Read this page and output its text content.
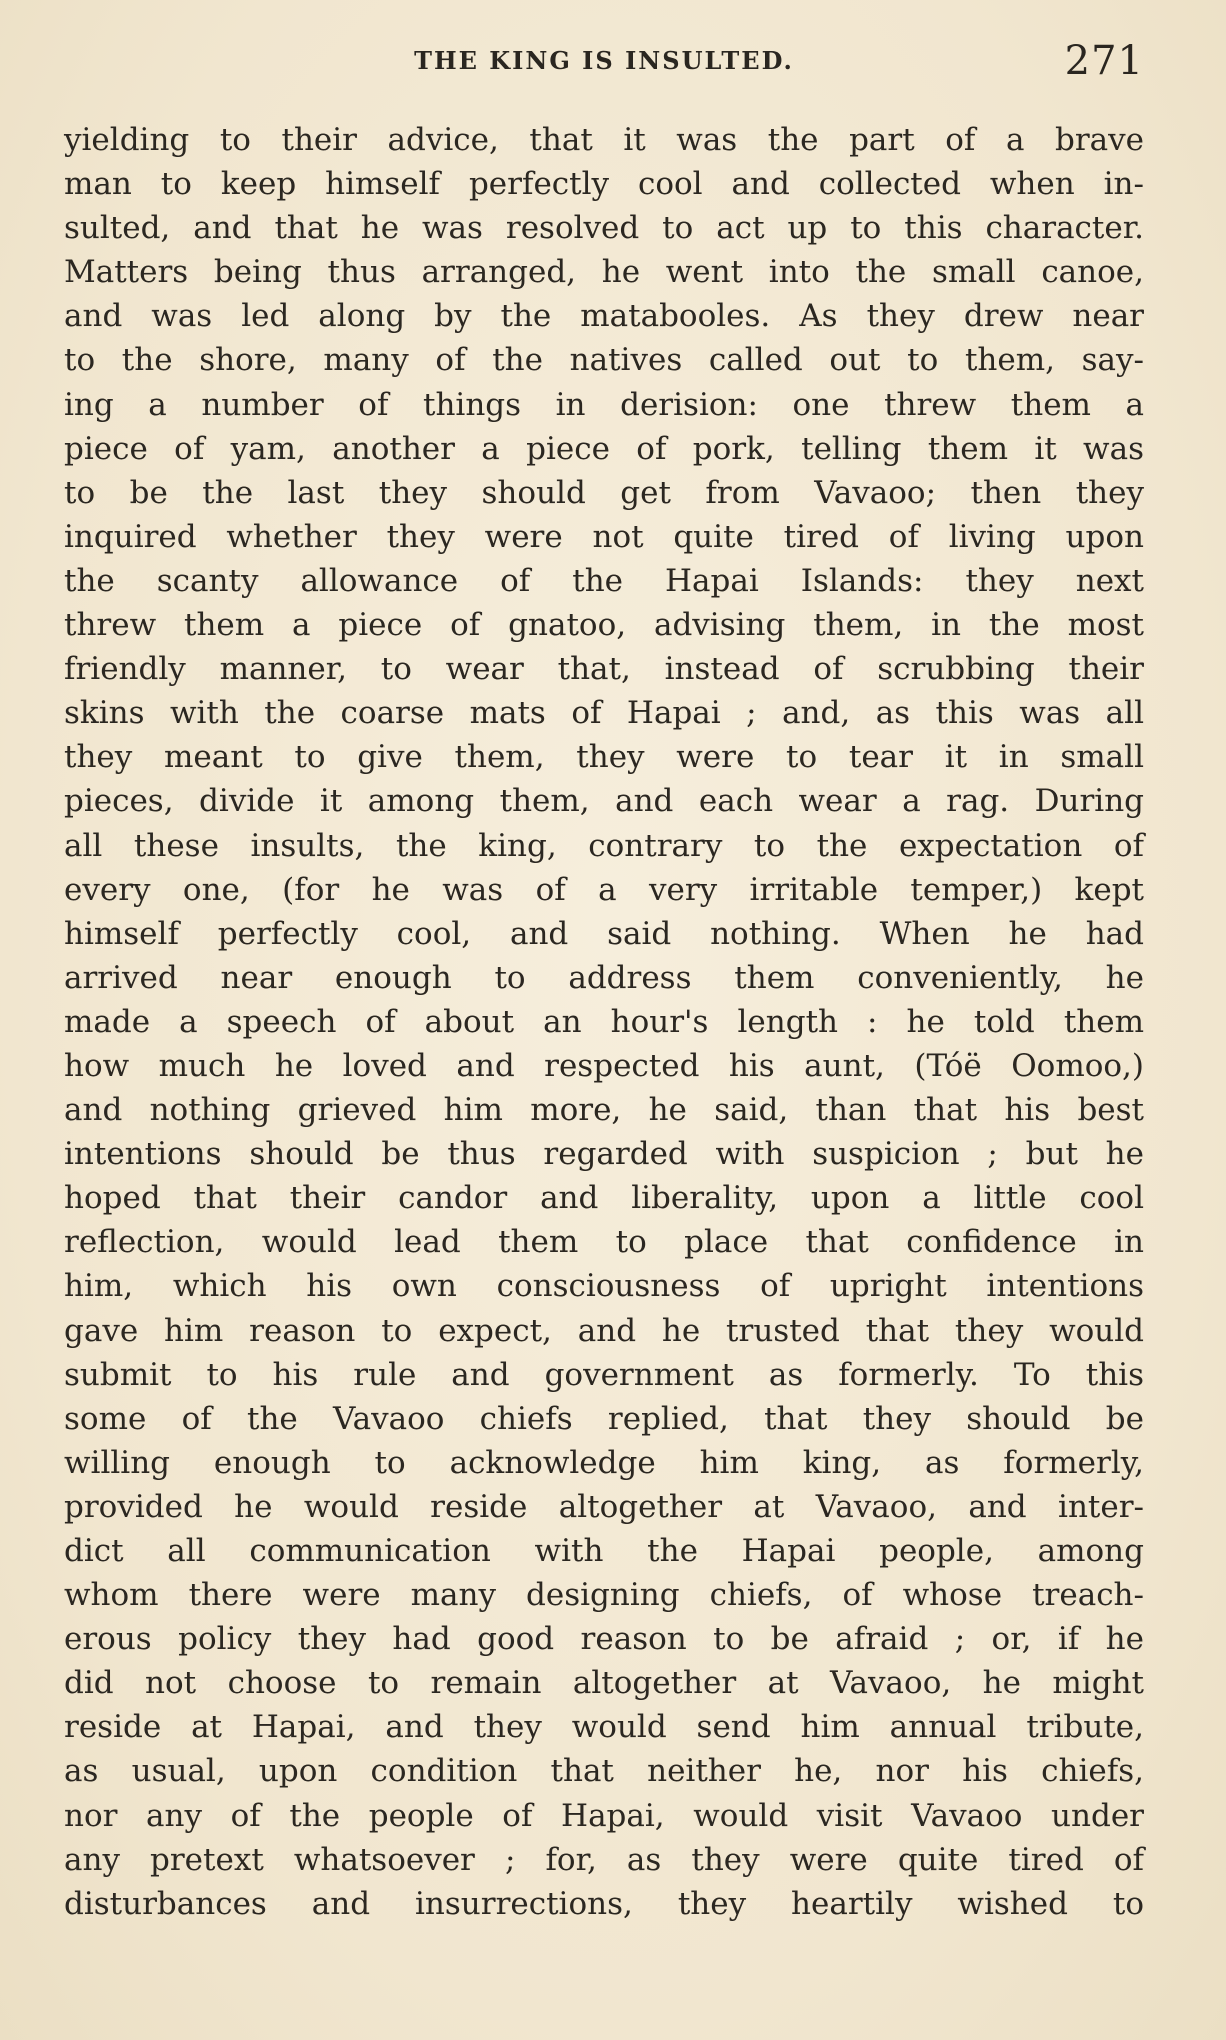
THE KING IS INSULTED.	271
yielding to their advice, that it was the part of a brave
man to keep himself perfectly cool and collected when in-
sulted, and that he was resolved to act up to this character.
Matters being thus arranged, he went into the small canoe,
and was led along by the matabooles. As they drew near
to the shore, many of the natives called out to them, say-
ing a number of things in derision: one threw them a
piece of yam, another a piece of pork, telling them it was
to be the last they should get from Vavaoo; then they
inquired whether they were not quite tired of living upon
the scanty allowance of the Hapai Islands: they next
threw them a piece of gnatoo, advising them, in the most
friendly manner, to wear that, instead of scrubbing their
skins with the coarse mats of Hapai ; and, as this was all
they meant to give them, they were to tear it in small
pieces, divide it among them, and each wear a rag. During
all these insults, the king, contrary to the expectation of
every one, (for he was of a very irritable temper,) kept
himself perfectly cool, and said nothing. When he had
arrived near enough to address them conveniently, he
made a speech of about an hour's length : he told them
how much he loved and respected his aunt, (Tóë Oomoo,)
and nothing grieved him more, he said, than that his best
intentions should be thus regarded with suspicion ; but he
hoped that their candor and liberality, upon a little cool
reflection, would lead them to place that confidence in
him, which his own consciousness of upright intentions
gave him reason to expect, and he trusted that they would
submit to his rule and government as formerly. To this
some of the Vavaoo chiefs replied, that they should be
willing enough to acknowledge him king, as formerly,
provided he would reside altogether at Vavaoo, and inter-
dict all communication with the Hapai people, among
whom there were many designing chiefs, of whose treach-
erous policy they had good reason to be afraid ; or, if he
did not choose to remain altogether at Vavaoo, he might
reside at Hapai, and they would send him annual tribute,
as usual, upon condition that neither he, nor his chiefs,
nor any of the people of Hapai, would visit Vavaoo under
any pretext whatsoever ; for, as they were quite tired of
disturbances and insurrections, they heartily wished to
